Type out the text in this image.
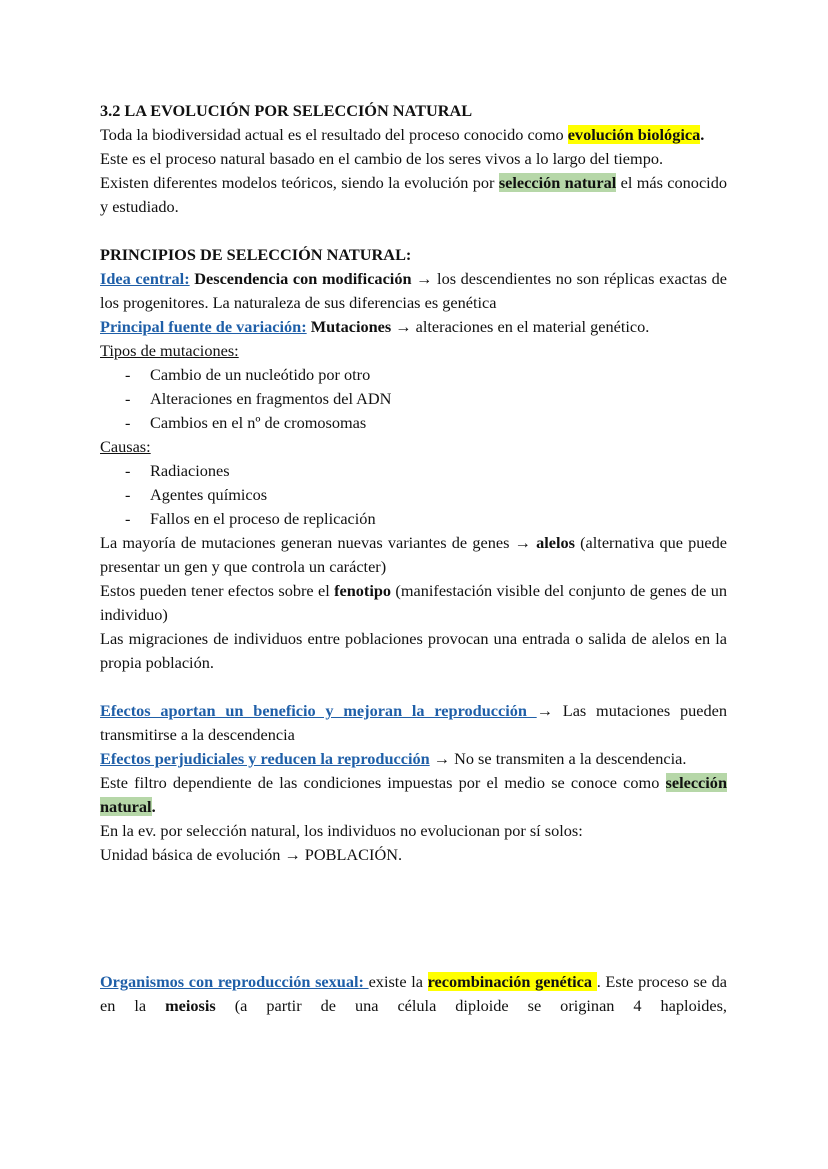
3.2 LA EVOLUCIÓN POR SELECCIÓN NATURAL

Toda la biodiversidad actual es el resultado del proceso conocido como evolución biológica.

Este es el proceso natural basado en el cambio de los seres vivos a lo largo del tiempo.

Existen diferentes modelos teóricos, siendo la evolución por selección natural el más conocido y estudiado.

PRINCIPIOS DE SELECCIÓN NATURAL:

Idea central: Descendencia con modificación → los descendientes no son réplicas exactas de los progenitores. La naturaleza de sus diferencias es genética

Principal fuente de variación: Mutaciones → alteraciones en el material genético.

Tipos de mutaciones:

- Cambio de un nucleótido por otro
- Alteraciones en fragmentos del ADN
- Cambios en el nº de cromosomas

Causas:

- Radiaciones
- Agentes químicos
- Fallos en el proceso de replicación

La mayoría de mutaciones generan nuevas variantes de genes → alelos (alternativa que puede presentar un gen y que controla un carácter)

Estos pueden tener efectos sobre el fenotipo (manifestación visible del conjunto de genes de un individuo)

Las migraciones de individuos entre poblaciones provocan una entrada o salida de alelos en la propia población.

Efectos aportan un beneficio y mejoran la reproducción → Las mutaciones pueden transmitirse a la descendencia

Efectos perjudiciales y reducen la reproducción → No se transmiten a la descendencia.

Este filtro dependiente de las condiciones impuestas por el medio se conoce como selección natural.

En la ev. por selección natural, los individuos no evolucionan por sí solos:

Unidad básica de evolución → POBLACIÓN.

Organismos con reproducción sexual: existe la recombinación genética . Este proceso se da en la meiosis (a partir de una célula diploide se originan 4 haploides,
